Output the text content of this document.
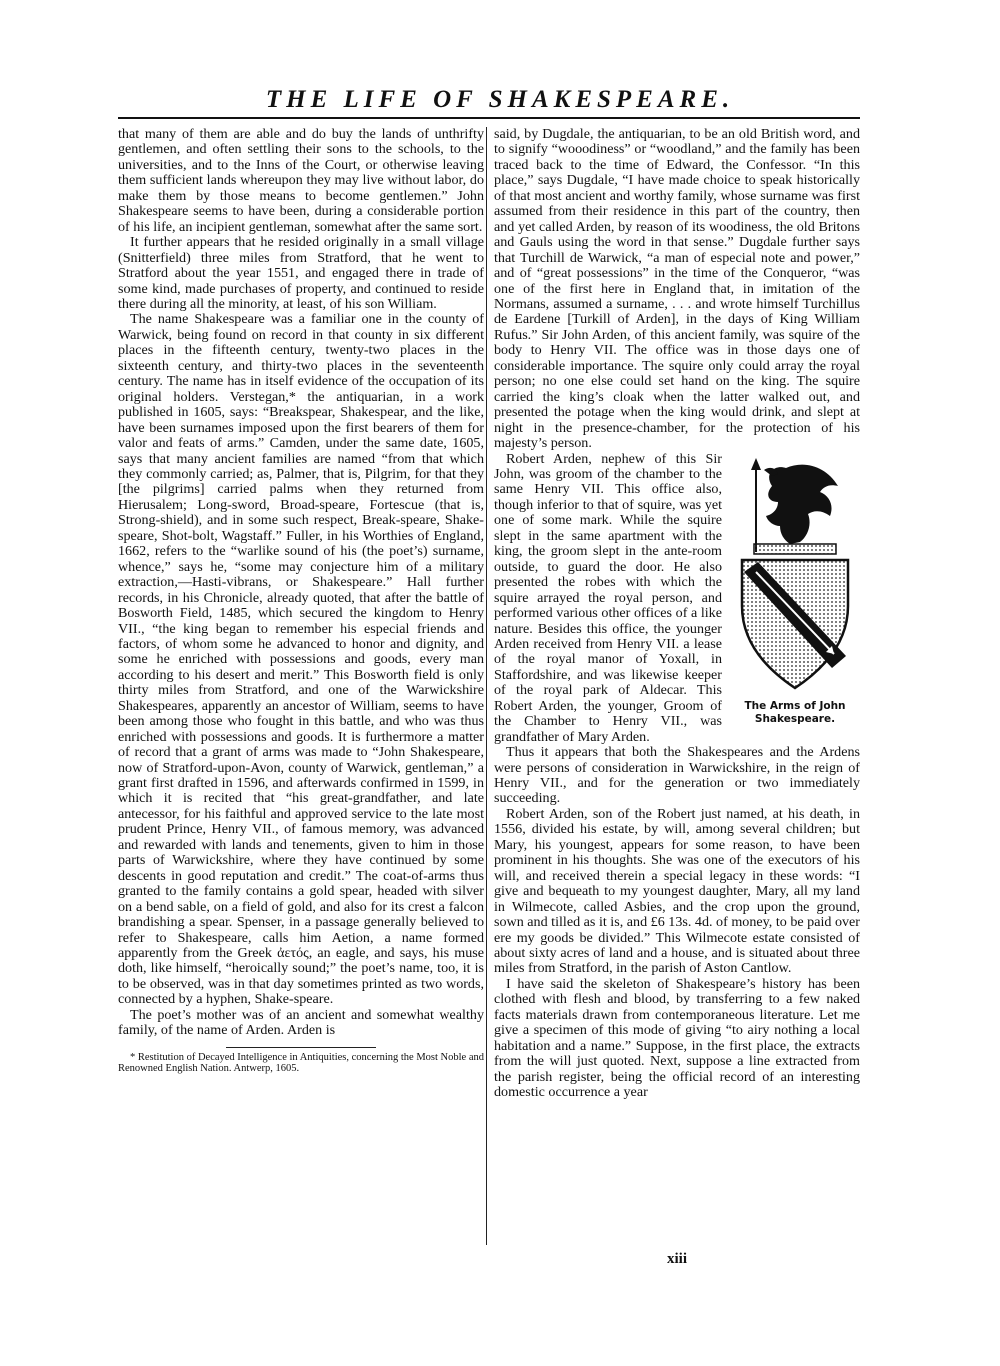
THE LIFE OF SHAKESPEARE.

that many of them are able and do buy the lands of unthrifty gentlemen, and often settling their sons to the schools, to the universities, and to the Inns of the Court, or otherwise leaving them sufficient lands whereupon they may live without labor, do make them by those means to become gentlemen.” John Shakespeare seems to have been, during a considerable portion of his life, an incipient gentleman, somewhat after the same sort.

It further appears that he resided originally in a small village (Snitterfield) three miles from Stratford, that he went to Stratford about the year 1551, and engaged there in trade of some kind, made purchases of property, and continued to reside there during all the minority, at least, of his son William.

The name Shakespeare was a familiar one in the county of Warwick, being found on record in that county in six different places in the fifteenth century, twenty-two places in the sixteenth century, and thirty-two places in the seventeenth century. The name has in itself evidence of the occupation of its original holders. Verstegan,* the antiquarian, in a work published in 1605, says: “Breakspear, Shakespear, and the like, have been surnames imposed upon the first bearers of them for valor and feats of arms.” Camden, under the same date, 1605, says that many ancient families are named “from that which they commonly carried; as, Palmer, that is, Pilgrim, for that they [the pilgrims] carried palms when they returned from Hierusalem; Long-sword, Broad-speare, Fortescue (that is, Strong-shield), and in some such respect, Break-speare, Shake-speare, Shot-bolt, Wagstaff.” Fuller, in his Worthies of England, 1662, refers to the “warlike sound of his (the poet’s) surname, whence,” says he, “some may conjecture him of a military extraction,—Hasti-vibrans, or Shakespeare.” Hall further records, in his Chronicle, already quoted, that after the battle of Bosworth Field, 1485, which secured the kingdom to Henry VII., “the king began to remember his especial friends and factors, of whom some he advanced to honor and dignity, and some he enriched with possessions and goods, every man according to his desert and merit.” This Bosworth field is only thirty miles from Stratford, and one of the Warwickshire Shakespeares, apparently an ancestor of William, seems to have been among those who fought in this battle, and who was thus enriched with possessions and goods. It is furthermore a matter of record that a grant of arms was made to “John Shakespeare, now of Stratford-upon-Avon, county of Warwick, gentleman,” a grant first drafted in 1596, and afterwards confirmed in 1599, in which it is recited that “his great-grandfather, and late antecessor, for his faithful and approved service to the late most prudent Prince, Henry VII., of famous memory, was advanced and rewarded with lands and tenements, given to him in those parts of Warwickshire, where they have continued by some descents in good reputation and credit.” The coat-of-arms thus granted to the family contains a gold spear, headed with silver on a bend sable, on a field of gold, and also for its crest a falcon brandishing a spear. Spenser, in a passage generally believed to refer to Shakespeare, calls him Aetion, a name formed apparently from the Greek ἀετός, an eagle, and says, his muse doth, like himself, “heroically sound;” the poet’s name, too, it is to be observed, was in that day sometimes printed as two words, connected by a hyphen, Shake-speare.

The poet’s mother was of an ancient and somewhat wealthy family, of the name of Arden. Arden is

* Restitution of Decayed Intelligence in Antiquities, concerning the Most Noble and Renowned English Nation. Antwerp, 1605.

said, by Dugdale, the antiquarian, to be an old British word, and to signify “wooodiness” or “woodland,” and the family has been traced back to the time of Edward, the Confessor. “In this place,” says Dugdale, “I have made choice to speak historically of that most ancient and worthy family, whose surname was first assumed from their residence in this part of the country, then and yet called Arden, by reason of its woodiness, the old Britons and Gauls using the word in that sense.” Dugdale further says that Turchill de Warwick, “a man of especial note and power,” and of “great possessions” in the time of the Conqueror, “was one of the first here in England that, in imitation of the Normans, assumed a surname, . . . and wrote himself Turchillus de Eardene [Turkill of Arden], in the days of King William Rufus.” Sir John Arden, of this ancient family, was squire of the body to Henry VII. The office was in those days one of considerable importance. The squire only could array the royal person; no one else could set hand on the king. The squire carried the king’s cloak when the latter walked out, and presented the potage when the king would drink, and slept at night in the presence-chamber, for the protection of his majesty’s person.

The Arms of John Shakespeare.

Robert Arden, nephew of this Sir John, was groom of the chamber to the same Henry VII. This office also, though inferior to that of squire, was yet one of some mark. While the squire slept in the same apartment with the king, the groom slept in the ante-room outside, to guard the door. He also presented the robes with which the squire arrayed the royal person, and performed various other offices of a like nature. Besides this office, the younger Arden received from Henry VII. a lease of the royal manor of Yoxall, in Staffordshire, and was likewise keeper of the royal park of Aldecar. This Robert Arden, the younger, Groom of the Chamber to Henry VII., was grandfather of Mary Arden.

Thus it appears that both the Shakespeares and the Ardens were persons of consideration in Warwickshire, in the reign of Henry VII., and for the generation or two immediately succeeding.

Robert Arden, son of the Robert just named, at his death, in 1556, divided his estate, by will, among several children; but Mary, his youngest, appears for some reason, to have been prominent in his thoughts. She was one of the executors of his will, and received therein a special legacy in these words: “I give and bequeath to my youngest daughter, Mary, all my land in Wilmecote, called Asbies, and the crop upon the ground, sown and tilled as it is, and £6 13s. 4d. of money, to be paid over ere my goods be divided.” This Wilmecote estate consisted of about sixty acres of land and a house, and is situated about three miles from Stratford, in the parish of Aston Cantlow.

I have said the skeleton of Shakespeare’s history has been clothed with flesh and blood, by transferring to a few naked facts materials drawn from contemporaneous literature. Let me give a specimen of this mode of giving “to airy nothing a local habitation and a name.” Suppose, in the first place, the extracts from the will just quoted. Next, suppose a line extracted from the parish register, being the official record of an interesting domestic occurrence a year

xiii
